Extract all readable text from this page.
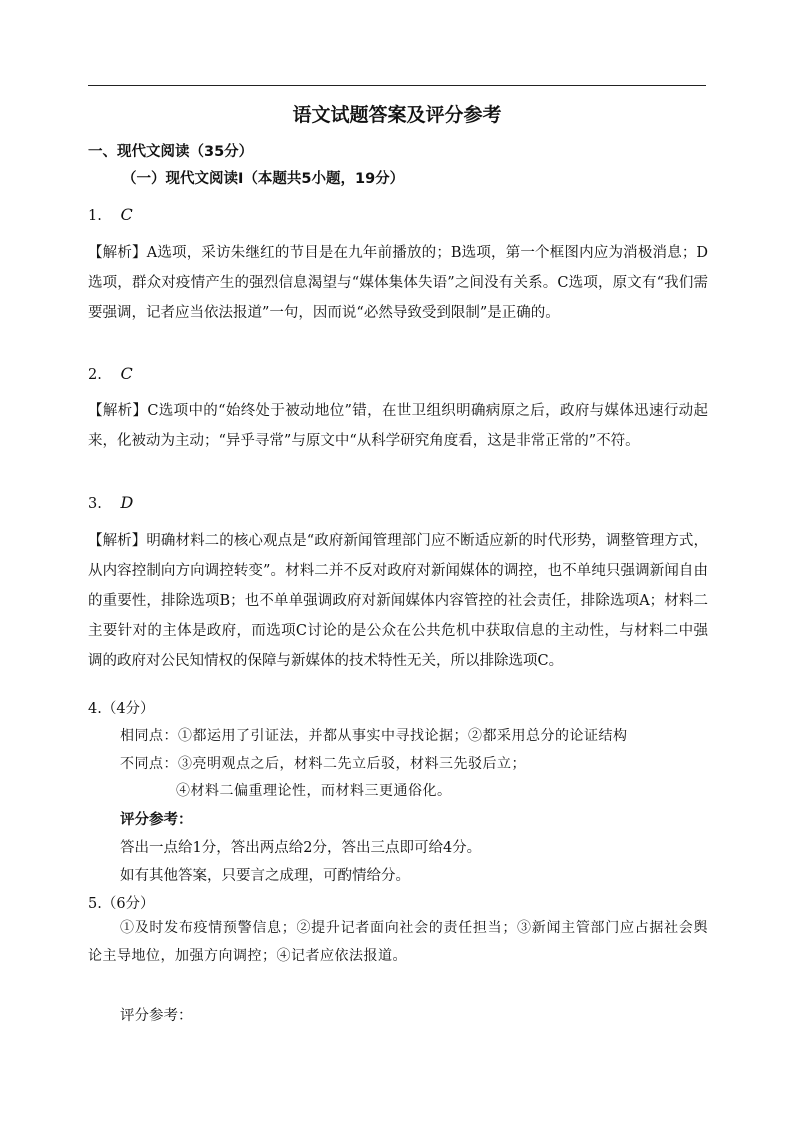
语文试题答案及评分参考
一、现代文阅读（35分）
（一）现代文阅读Ⅰ（本题共5小题，19分）
1. C
【解析】A选项，采访朱继红的节目是在九年前播放的；B选项，第一个框图内应为消极消息；D选项，群众对疫情产生的强烈信息渴望与“媒体集体失语”之间没有关系。C选项，原文有“我们需要强调，记者应当依法报道”一句，因而说“必然导致受到限制”是正确的。
2. C
【解析】C选项中的“始终处于被动地位”错，在世卫组织明确病原之后，政府与媒体迅速行动起来，化被动为主动；“异乎寻常”与原文中“从科学研究角度看，这是非常正常的”不符。
3. D
【解析】明确材料二的核心观点是“政府新闻管理部门应不断适应新的时代形势，调整管理方式，从内容控制向方向调控转变”。材料二并不反对政府对新闻媒体的调控，也不单纯只强调新闻自由的重要性，排除选项B；也不单单强调政府对新闻媒体内容管控的社会责任，排除选项A；材料二主要针对的主体是政府，而选项C讨论的是公众在公共危机中获取信息的主动性，与材料二中强调的政府对公民知情权的保障与新媒体的技术特性无关，所以排除选项C。
4.（4分）
相同点：①都运用了引证法，并都从事实中寻找论据；②都采用总分的论证结构
不同点：③亮明观点之后，材料二先立后驳，材料三先驳后立；
④材料二偏重理论性，而材料三更通俗化。
评分参考：
答出一点给1分，答出两点给2分，答出三点即可给4分。
如有其他答案，只要言之成理，可酌情给分。
5.（6分）
①及时发布疫情预警信息；②提升记者面向社会的责任担当；③新闻主管部门应占据社会舆论主导地位，加强方向调控；④记者应依法报道。
评分参考：
